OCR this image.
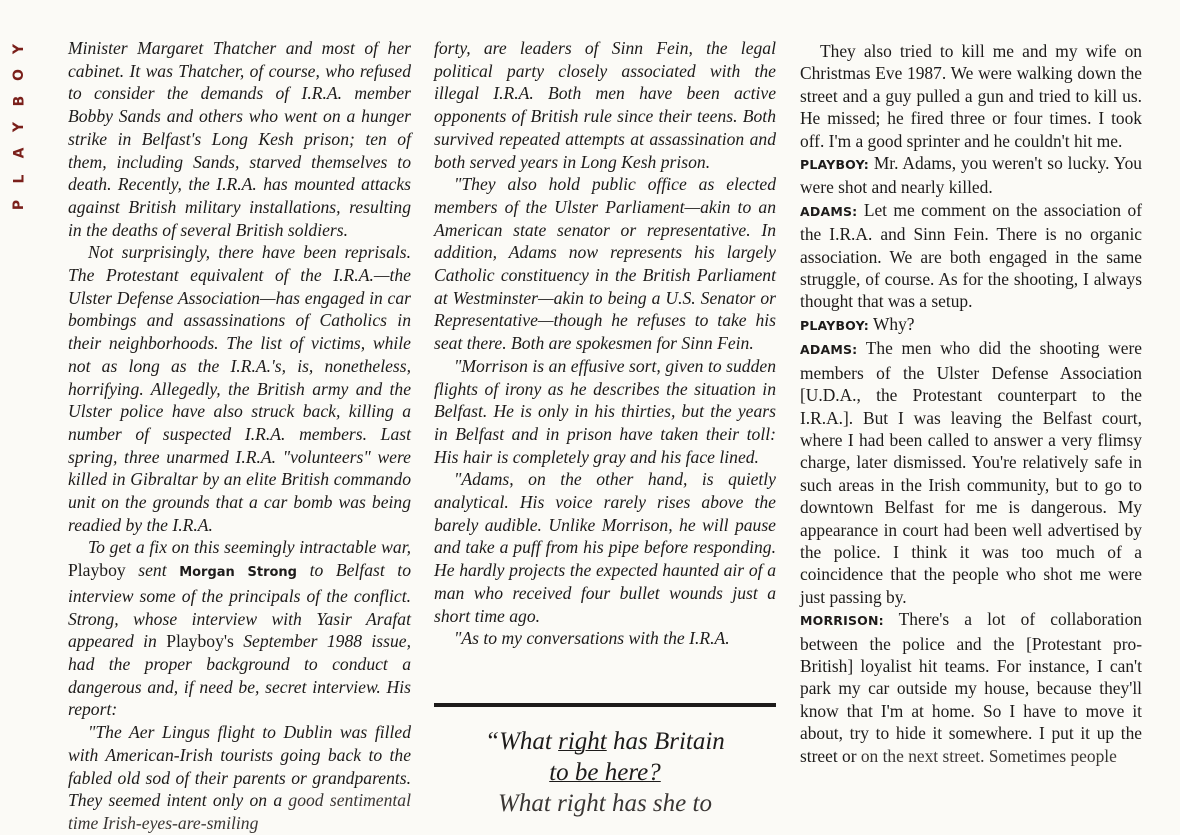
Y
O
B
Y
A
L
P

Minister Margaret Thatcher and most of her cabinet. It was Thatcher, of course, who refused to consider the demands of I.R.A. member Bobby Sands and others who went on a hunger strike in Belfast's Long Kesh prison; ten of them, including Sands, starved themselves to death. Recently, the I.R.A. has mounted attacks against British military installations, resulting in the deaths of several British soldiers.

Not surprisingly, there have been reprisals. The Protestant equivalent of the I.R.A.—the Ulster Defense Association—has engaged in car bombings and assassinations of Catholics in their neighborhoods. The list of victims, while not as long as the I.R.A.'s, is, nonetheless, horrifying. Allegedly, the British army and the Ulster police have also struck back, killing a number of suspected I.R.A. members. Last spring, three unarmed I.R.A. "volunteers" were killed in Gibraltar by an elite British commando unit on the grounds that a car bomb was being readied by the I.R.A.

To get a fix on this seemingly intractable war, Playboy sent Morgan Strong to Belfast to interview some of the principals of the conflict. Strong, whose interview with Yasir Arafat appeared in Playboy's September 1988 issue, had the proper background to conduct a dangerous and, if need be, secret interview. His report:

"The Aer Lingus flight to Dublin was filled with American-Irish tourists going back to the fabled old sod of their parents or grandparents. They seemed intent only on a good sentimental time Irish-eyes-are-smiling

forty, are leaders of Sinn Fein, the legal political party closely associated with the illegal I.R.A. Both men have been active opponents of British rule since their teens. Both survived repeated attempts at assassination and both served years in Long Kesh prison.

"They also hold public office as elected members of the Ulster Parliament—akin to an American state senator or representative. In addition, Adams now represents his largely Catholic constituency in the British Parliament at Westminster—akin to being a U.S. Senator or Representative—though he refuses to take his seat there. Both are spokesmen for Sinn Fein.

"Morrison is an effusive sort, given to sudden flights of irony as he describes the situation in Belfast. He is only in his thirties, but the years in Belfast and in prison have taken their toll: His hair is completely gray and his face lined.

"Adams, on the other hand, is quietly analytical. His voice rarely rises above the barely audible. Unlike Morrison, he will pause and take a puff from his pipe before responding. He hardly projects the expected haunted air of a man who received four bullet wounds just a short time ago.

"As to my conversations with the I.R.A.

“What right has Britain
to be here?
What right has she to

They also tried to kill me and my wife on Christmas Eve 1987. We were walking down the street and a guy pulled a gun and tried to kill us. He missed; he fired three or four times. I took off. I'm a good sprinter and he couldn't hit me.

PLAYBOY: Mr. Adams, you weren't so lucky. You were shot and nearly killed.

ADAMS: Let me comment on the association of the I.R.A. and Sinn Fein. There is no organic association. We are both engaged in the same struggle, of course. As for the shooting, I always thought that was a setup.

PLAYBOY: Why?

ADAMS: The men who did the shooting were members of the Ulster Defense Association [U.D.A., the Protestant counterpart to the I.R.A.]. But I was leaving the Belfast court, where I had been called to answer a very flimsy charge, later dismissed. You're relatively safe in such areas in the Irish community, but to go to downtown Belfast for me is dangerous. My appearance in court had been well advertised by the police. I think it was too much of a coincidence that the people who shot me were just passing by.

MORRISON: There's a lot of collaboration between the police and the [Protestant pro-British] loyalist hit teams. For instance, I can't park my car outside my house, because they'll know that I'm at home. So I have to move it about, try to hide it somewhere. I put it up the street or on the next street. Sometimes people
